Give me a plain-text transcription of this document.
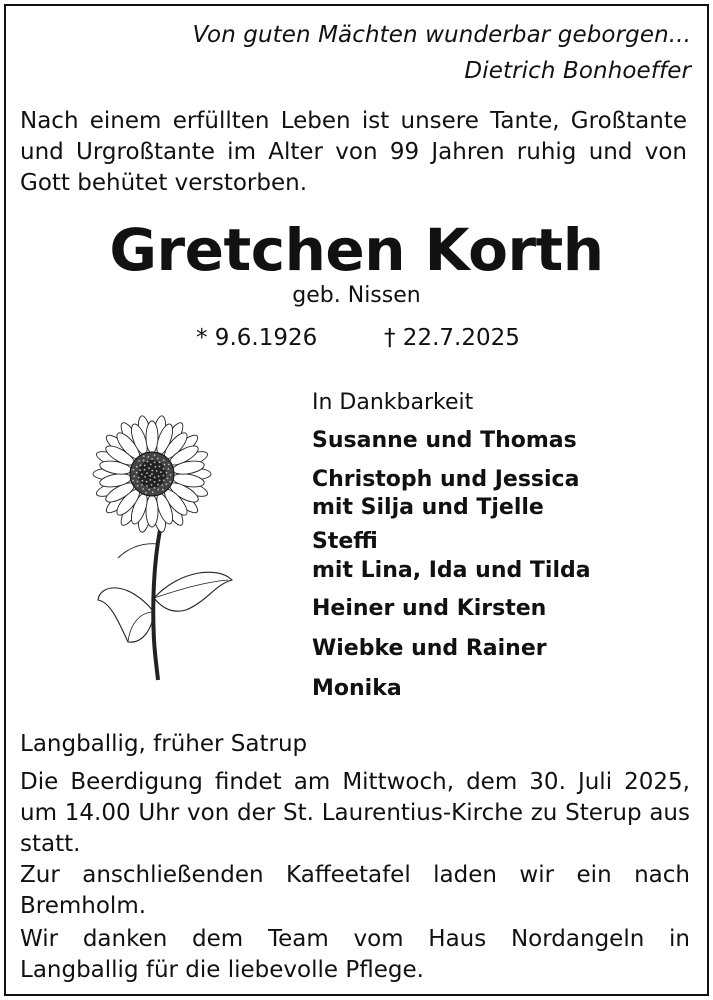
Von guten Mächten wunderbar geborgen...
Dietrich Bonhoeffer
Nach einem erfüllten Leben ist unsere Tante, Großtante und Urgroßtante im Alter von 99 Jahren ruhig und von Gott behütet verstorben.
Gretchen Korth
geb. Nissen
* 9.6.1926	† 22.7.2025
In Dankbarkeit
Susanne und Thomas
Christoph und Jessica
mit Silja und Tjelle
Steffi
mit Lina, Ida und Tilda
Heiner und Kirsten
Wiebke und Rainer
Monika
Langballig, früher Satrup
Die Beerdigung findet am Mittwoch, dem 30. Juli 2025, um 14.00 Uhr von der St. Laurentius-Kirche zu Sterup aus statt.
Zur anschließenden Kaffeetafel laden wir ein nach Bremholm.
Wir danken dem Team vom Haus Nordangeln in Langballig für die liebevolle Pflege.
